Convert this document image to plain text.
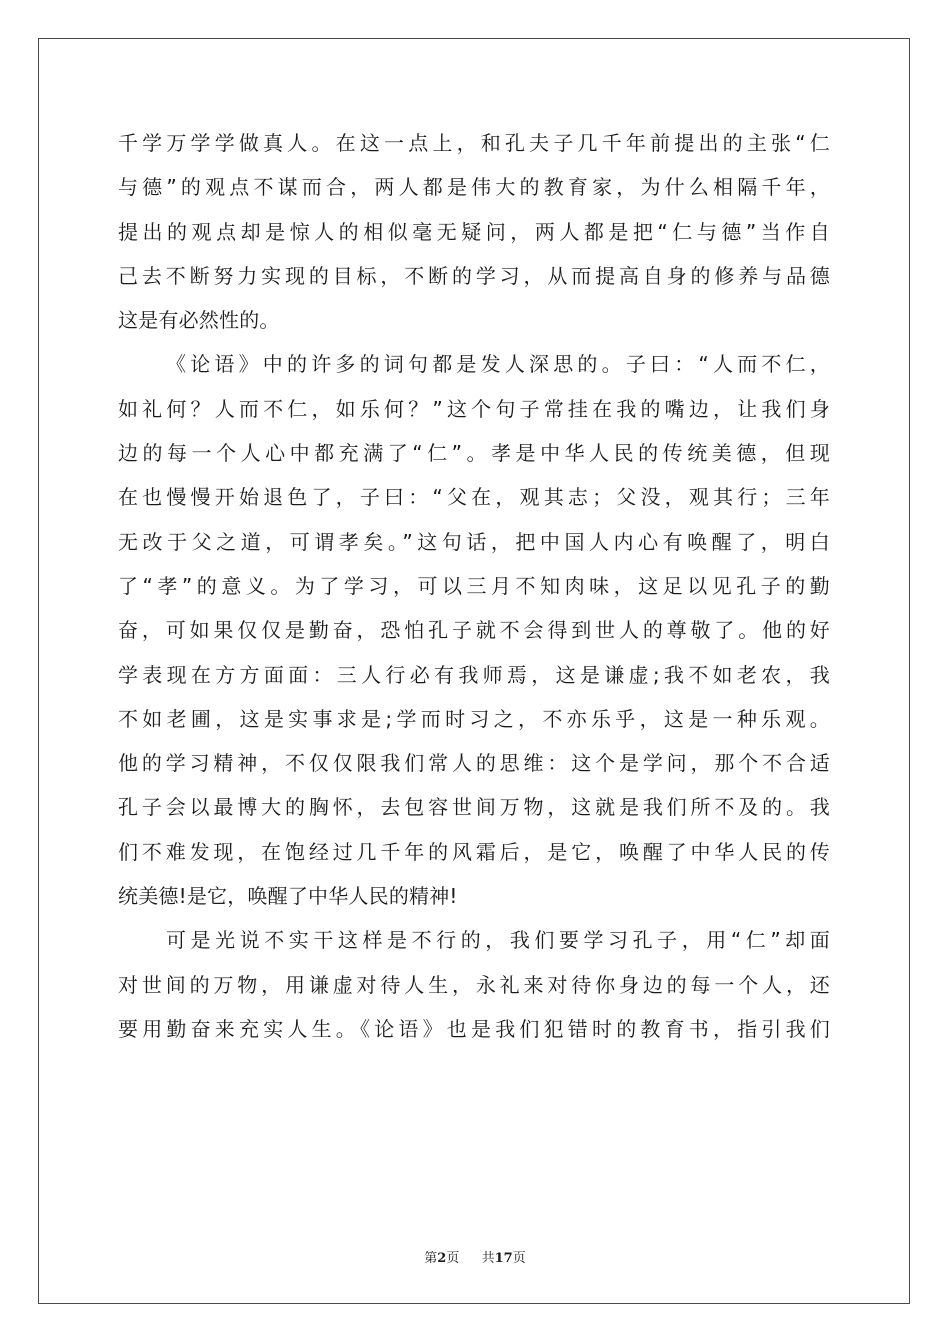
千学万学学做真人。在这一点上，和孔夫子几千年前提出的主张“仁
与德”的观点不谋而合，两人都是伟大的教育家，为什么相隔千年，
提出的观点却是惊人的相似毫无疑问，两人都是把“仁与德”当作自
己去不断努力实现的目标，不断的学习，从而提高自身的修养与品德
这是有必然性的。
《论语》中的许多的词句都是发人深思的。子曰：“人而不仁，
如礼何？人而不仁，如乐何？”这个句子常挂在我的嘴边，让我们身
边的每一个人心中都充满了“仁”。孝是中华人民的传统美德，但现
在也慢慢开始退色了，子曰：“父在，观其志；父没，观其行；三年
无改于父之道，可谓孝矣。”这句话，把中国人内心有唤醒了，明白
了“孝”的意义。为了学习，可以三月不知肉味，这足以见孔子的勤
奋，可如果仅仅是勤奋，恐怕孔子就不会得到世人的尊敬了。他的好
学表现在方方面面：三人行必有我师焉，这是谦虚;我不如老农，我
不如老圃，这是实事求是;学而时习之，不亦乐乎，这是一种乐观。
他的学习精神，不仅仅限我们常人的思维：这个是学问，那个不合适
孔子会以最博大的胸怀，去包容世间万物，这就是我们所不及的。我
们不难发现，在饱经过几千年的风霜后，是它，唤醒了中华人民的传
统美德!是它，唤醒了中华人民的精神!
可是光说不实干这样是不行的，我们要学习孔子，用“仁”却面
对世间的万物，用谦虚对待人生，永礼来对待你身边的每一个人，还
要用勤奋来充实人生。《论语》也是我们犯错时的教育书，指引我们
第2页 共17页
